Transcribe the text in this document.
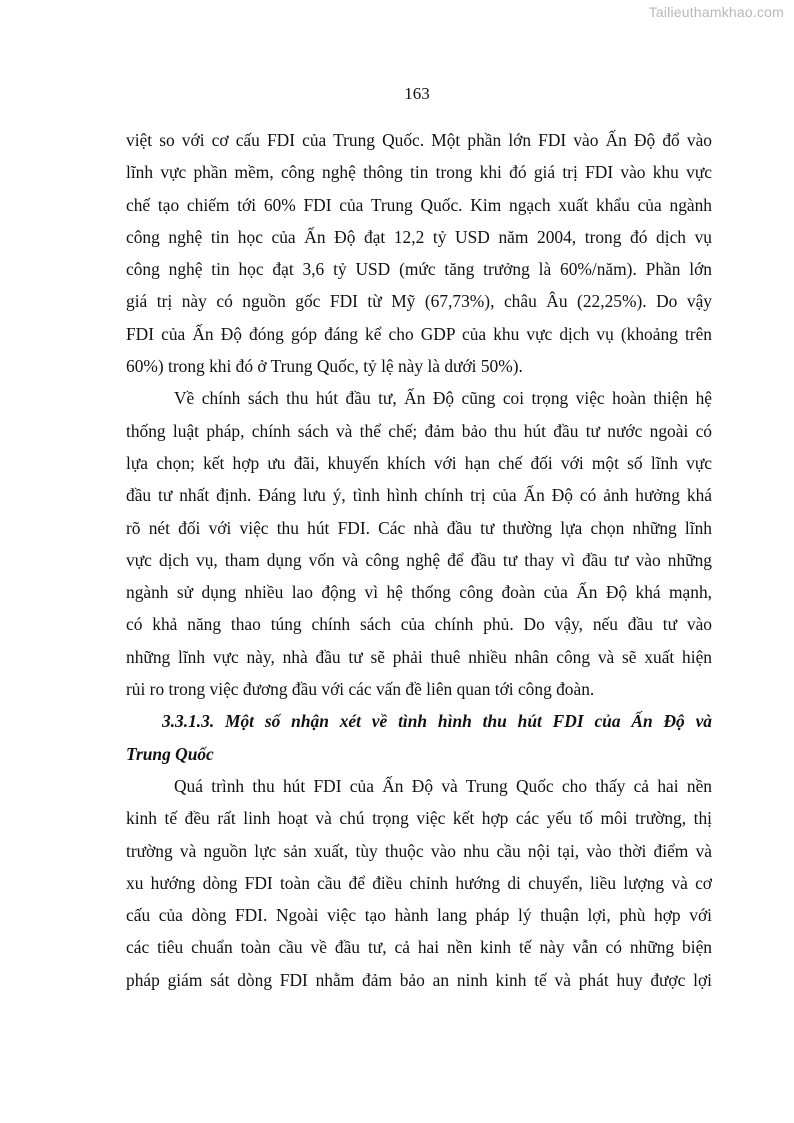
Tailieuthamkhao.com
163
việt so với cơ cấu FDI của Trung Quốc. Một phần lớn FDI vào Ấn Độ đổ vào
lĩnh vực phần mềm, công nghệ thông tin trong khi đó giá trị FDI vào khu vực
chế tạo chiếm tới 60% FDI của Trung Quốc. Kim ngạch xuất khẩu của ngành
công nghệ tin học của Ấn Độ đạt 12,2 tỷ USD năm 2004, trong đó dịch vụ
công nghệ tin học đạt 3,6 tỷ USD (mức tăng trưởng là 60%/năm). Phần lớn
giá trị này có nguồn gốc FDI từ Mỹ (67,73%), châu Âu (22,25%). Do vậy
FDI của Ấn Độ đóng góp đáng kể cho GDP của khu vực dịch vụ (khoảng trên
60%) trong khi đó ở Trung Quốc, tỷ lệ này là dưới 50%).
Về chính sách thu hút đầu tư, Ấn Độ cũng coi trọng việc hoàn thiện hệ
thống luật pháp, chính sách và thể chế; đảm bảo thu hút đầu tư nước ngoài có
lựa chọn; kết hợp ưu đãi, khuyến khích với hạn chế đối với một số lĩnh vực
đầu tư nhất định. Đáng lưu ý, tình hình chính trị của Ấn Độ có ảnh hưởng khá
rõ nét đối với việc thu hút FDI. Các nhà đầu tư thường lựa chọn những lĩnh
vực dịch vụ, tham dụng vốn và công nghệ để đầu tư thay vì đầu tư vào những
ngành sử dụng nhiều lao động vì hệ thống công đoàn của Ấn Độ khá mạnh,
có khả năng thao túng chính sách của chính phủ. Do vậy, nếu đầu tư vào
những lĩnh vực này, nhà đầu tư sẽ phải thuê nhiều nhân công và sẽ xuất hiện
rủi ro trong việc đương đầu với các vấn đề liên quan tới công đoàn.
3.3.1.3. Một số nhận xét về tình hình thu hút FDI của Ấn Độ và
Trung Quốc
Quá trình thu hút FDI của Ấn Độ và Trung Quốc cho thấy cả hai nền
kinh tế đều rất linh hoạt và chú trọng việc kết hợp các yếu tố môi trường, thị
trường và nguồn lực sản xuất, tùy thuộc vào nhu cầu nội tại, vào thời điểm và
xu hướng dòng FDI toàn cầu để điều chỉnh hướng di chuyển, liều lượng và cơ
cấu của dòng FDI. Ngoài việc tạo hành lang pháp lý thuận lợi, phù hợp với
các tiêu chuẩn toàn cầu về đầu tư, cả hai nền kinh tế này vẫn có những biện
pháp giám sát dòng FDI nhằm đảm bảo an ninh kinh tế và phát huy được lợi
